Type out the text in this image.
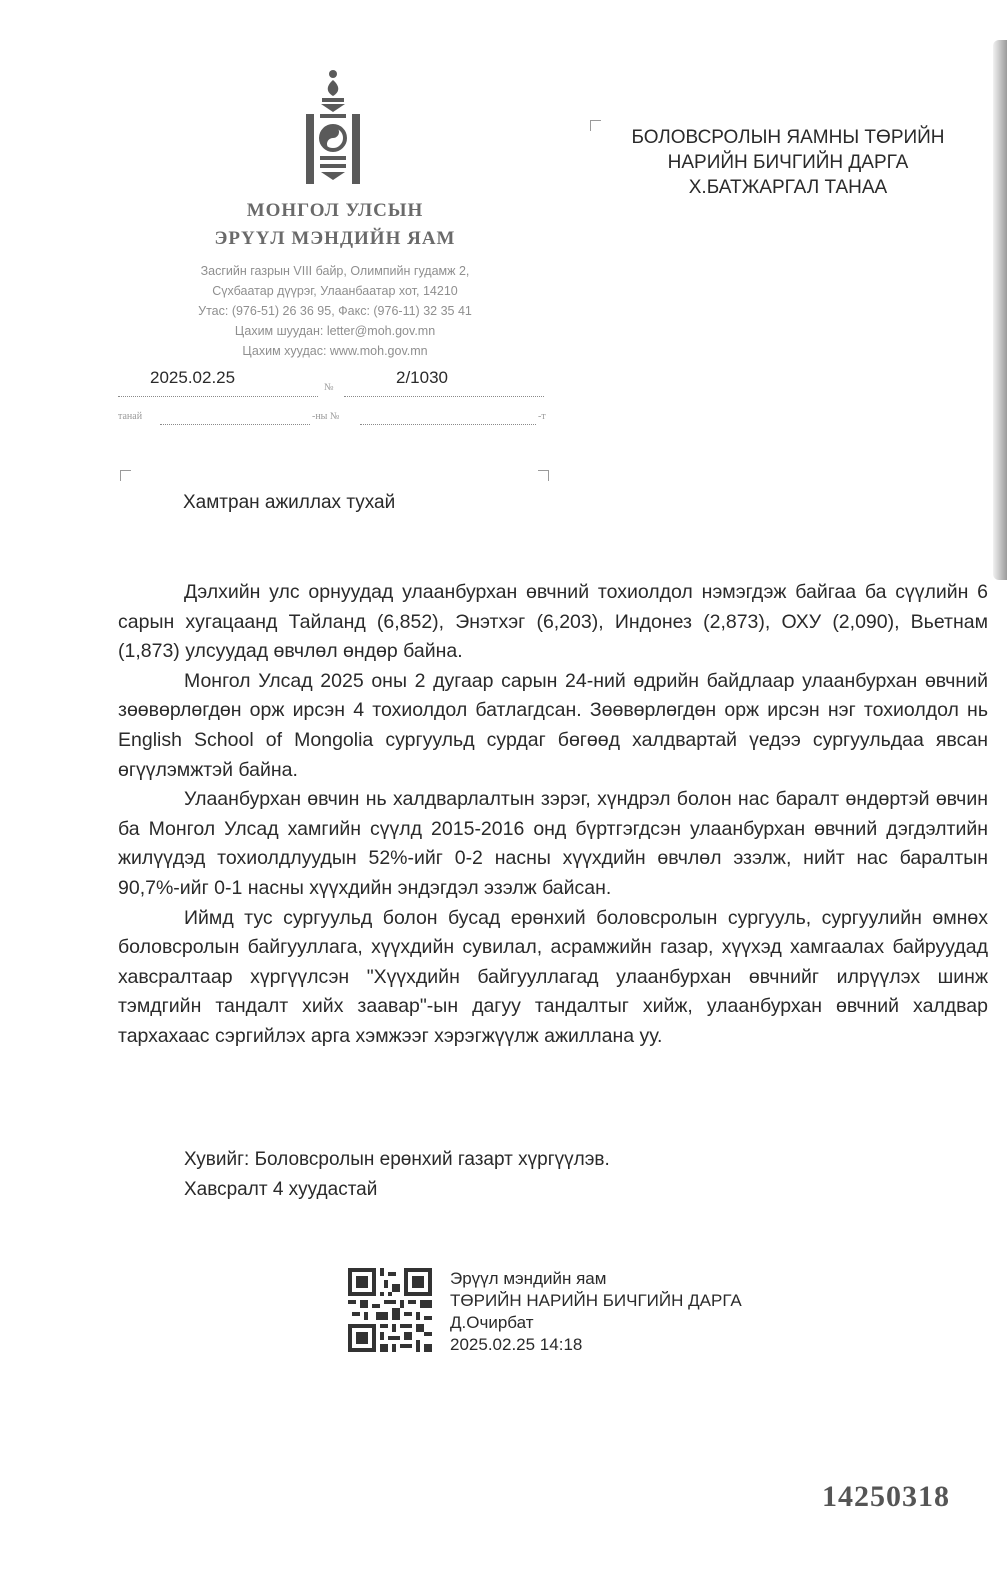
МОНГОЛ УЛСЫН
ЭРҮҮЛ МЭНДИЙН ЯАМ
Засгийн газрын VIII байр, Олимпийн гудамж 2,
Сүхбаатар дүүрэг, Улаанбаатар хот, 14210
Утас: (976-51) 26 36 95, Факс: (976-11) 32 35 41
Цахим шуудан: letter@moh.gov.mn
Цахим хуудас: www.moh.gov.mn
2025.02.25
№
2/1030
танай	-ны №	-т
БОЛОВСРОЛЫН ЯАМНЫ ТӨРИЙН
НАРИЙН БИЧГИЙН ДАРГА
Х.БАТЖАРГАЛ ТАНАА
Хамтран ажиллах тухай

Дэлхийн улс орнуудад улаанбурхан өвчний тохиолдол нэмэгдэж байгаа ба сүүлийн 6 сарын хугацаанд Тайланд (6,852), Энэтхэг (6,203), Индонез (2,873), ОХУ (2,090), Вьетнам (1,873) улсуудад өвчлөл өндөр байна.

Монгол Улсад 2025 оны 2 дугаар сарын 24-ний өдрийн байдлаар улаанбурхан өвчний зөөвөрлөгдөн орж ирсэн 4 тохиолдол батлагдсан. Зөөвөрлөгдөн орж ирсэн нэг тохиолдол нь English School of Mongolia сургуульд сурдаг бөгөөд халдвартай үедээ сургуульдаа явсан өгүүлэмжтэй байна.

Улаанбурхан өвчин нь халдварлалтын зэрэг, хүндрэл болон нас баралт өндөртэй өвчин ба Монгол Улсад хамгийн сүүлд 2015-2016 онд бүртгэгдсэн улаанбурхан өвчний дэгдэлтийн жилүүдэд тохиолдлуудын 52%-ийг 0-2 насны хүүхдийн өвчлөл эзэлж, нийт нас баралтын 90,7%-ийг 0-1 насны хүүхдийн эндэгдэл эзэлж байсан.

Иймд тус сургуульд болон бусад ерөнхий боловсролын сургууль, сургуулийн өмнөх боловсролын байгууллага, хүүхдийн сувилал, асрамжийн газар, хүүхэд хамгаалах байруудад хавсралтаар хүргүүлсэн "Хүүхдийн байгууллагад улаанбурхан өвчнийг илрүүлэх шинж тэмдгийн тандалт хийх заавар"-ын дагуу тандалтыг хийж, улаанбурхан өвчний халдвар тархахаас сэргийлэх арга хэмжээг хэрэгжүүлж ажиллана уу.

Хувийг: Боловсролын ерөнхий газарт хүргүүлэв.
Хавсралт 4 хуудастай
Эрүүл мэндийн яам
ТӨРИЙН НАРИЙН БИЧГИЙН ДАРГА
Д.Очирбат
2025.02.25 14:18
14250318
